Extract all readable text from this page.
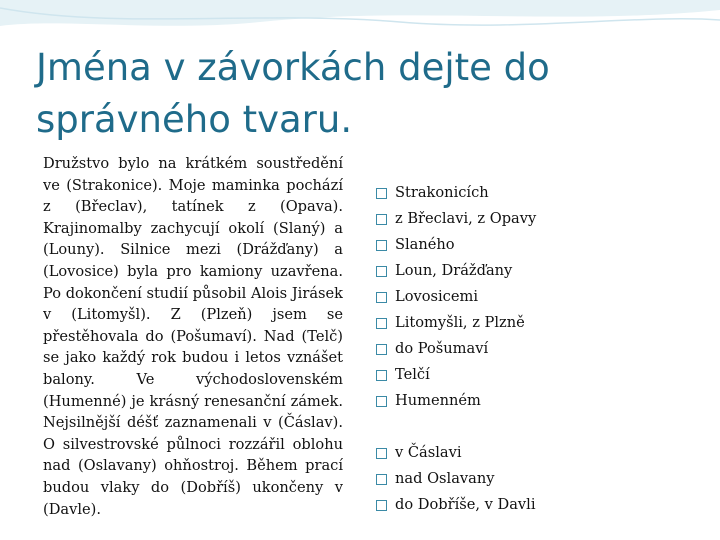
Jména v závorkách dejte do správného tvaru.

Družstvo bylo na krátkém soustředění ve (Strakonice). Moje maminka pochází z (Břeclav), tatínek z (Opava). Krajinomalby zachycují okolí (Slaný) a (Louny). Silnice mezi (Drážďany) a (Lovosice) byla pro kamiony uzavřena. Po dokončení studií působil Alois Jirásek v (Litomyšl). Z (Plzeň) jsem se přestěhovala do (Pošumaví). Nad (Telč) se jako každý rok budou i letos vznášet balony. Ve východoslovenském (Humenné) je krásný renesanční zámek. Nejsilnější déšť zaznamenali v (Čáslav). O silvestrovské půlnoci rozzářil oblohu nad (Oslavany) ohňostroj. Během prací budou vlaky do (Dobříš) ukončeny v (Davle).

Strakonicích
z Břeclavi, z Opavy
Slaného
Loun, Drážďany
Lovosicemi
Litomyšli, z Plzně
do Pošumaví
Telčí
Humenném
v Čáslavi
nad Oslavany
do Dobříše, v Davli
